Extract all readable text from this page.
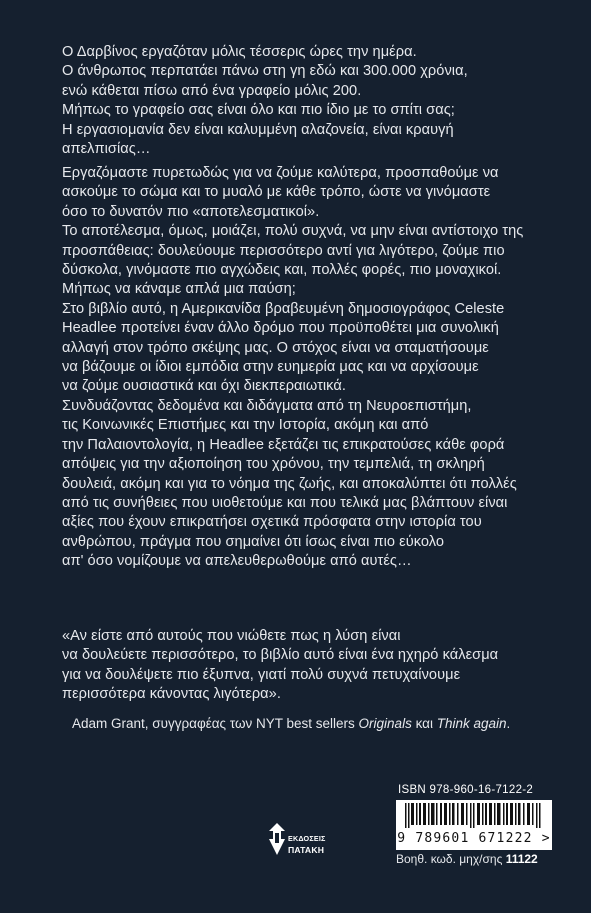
Ο Δαρβίνος εργαζόταν μόλις τέσσερις ώρες την ημέρα.
Ο άνθρωπος περπατάει πάνω στη γη εδώ και 300.000 χρόνια,
ενώ κάθεται πίσω από ένα γραφείο μόλις 200.
Μήπως το γραφείο σας είναι όλο και πιο ίδιο με το σπίτι σας;
Η εργασιομανία δεν είναι καλυμμένη αλαζονεία, είναι κραυγή
απελπισίας…
Εργαζόμαστε πυρετωδώς για να ζούμε καλύτερα, προσπαθούμε να
ασκούμε το σώμα και το μυαλό με κάθε τρόπο, ώστε να γινόμαστε
όσο το δυνατόν πιο «αποτελεσματικοί».
Το αποτέλεσμα, όμως, μοιάζει, πολύ συχνά, να μην είναι αντίστοιχο της
προσπάθειας: δουλεύουμε περισσότερο αντί για λιγότερο, ζούμε πιο
δύσκολα, γινόμαστε πιο αγχώδεις και, πολλές φορές, πιο μοναχικοί.
Μήπως να κάναμε απλά μια παύση;
Στο βιβλίο αυτό, η Αμερικανίδα βραβευμένη δημοσιογράφος Celeste
Headlee προτείνει έναν άλλο δρόμο που προϋποθέτει μια συνολική
αλλαγή στον τρόπο σκέψης μας. Ο στόχος είναι να σταματήσουμε
να βάζουμε οι ίδιοι εμπόδια στην ευημερία μας και να αρχίσουμε
να ζούμε ουσιαστικά και όχι διεκπεραιωτικά.
Συνδυάζοντας δεδομένα και διδάγματα από τη Νευροεπιστήμη,
τις Κοινωνικές Επιστήμες και την Ιστορία, ακόμη και από
την Παλαιοντολογία, η Headlee εξετάζει τις επικρατούσες κάθε φορά
απόψεις για την αξιοποίηση του χρόνου, την τεμπελιά, τη σκληρή
δουλειά, ακόμη και για το νόημα της ζωής, και αποκαλύπτει ότι πολλές
από τις συνήθειες που υιοθετούμε και που τελικά μας βλάπτουν είναι
αξίες που έχουν επικρατήσει σχετικά πρόσφατα στην ιστορία του
ανθρώπου, πράγμα που σημαίνει ότι ίσως είναι πιο εύκολο
απ' όσο νομίζουμε να απελευθερωθούμε από αυτές…
«Αν είστε από αυτούς που νιώθετε πως η λύση είναι
να δουλεύετε περισσότερο, το βιβλίο αυτό είναι ένα ηχηρό κάλεσμα
για να δουλέψετε πιο έξυπνα, γιατί πολύ συχνά πετυχαίνουμε
περισσότερα κάνοντας λιγότερα».
Adam Grant, συγγραφέας των NYT best sellers Originals και Think again.
ΕΚΔΟΣΕΙΣ
ΠΑΤΑΚΗ
ISBN 978-960-16-7122-2
9 789601 671222 >
Βοηθ. κωδ. μηχ/σης 11122
